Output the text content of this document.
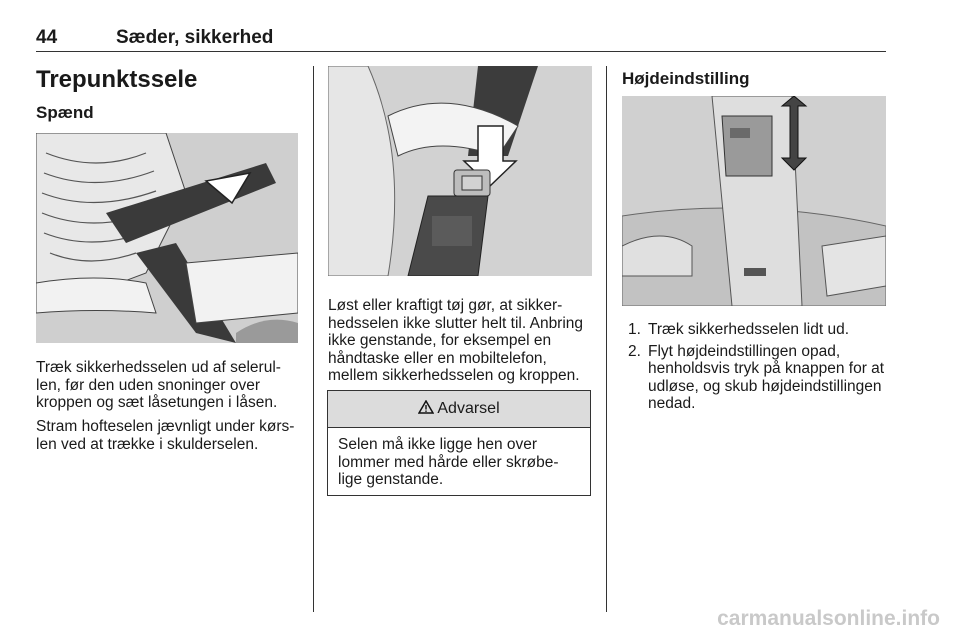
44	Sæder, sikkerhed
Trepunktssele
Spænd
Træk sikkerhedsselen ud af selerul-
len, før den uden snoninger over
kroppen og sæt låsetungen i låsen.
Stram hofteselen jævnligt under kørs-
len ved at trække i skulderselen.
Løst eller kraftigt tøj gør, at sikker-
hedsselen ikke slutter helt til. Anbring
ikke genstande, for eksempel en
håndtaske eller en mobiltelefon,
mellem sikkerhedsselen og kroppen.
Advarsel
Selen må ikke ligge hen over
lommer med hårde eller skrøbe-
lige genstande.
Højdeindstilling
1. Træk sikkerhedsselen lidt ud.
2. Flyt højdeindstillingen opad,
henholdsvis tryk på knappen for at
udløse, og skub højdeindstillingen
nedad.
carmanualsonline.info
